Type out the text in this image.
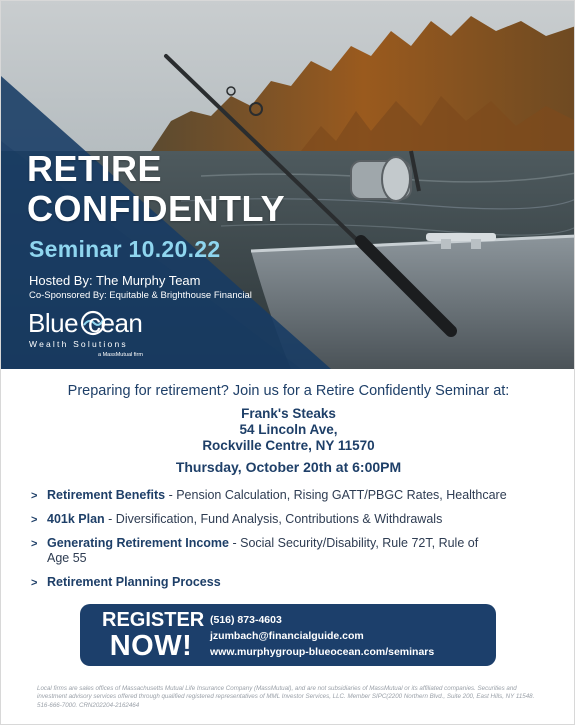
RETIRE
CONFIDENTLY
Seminar 10.20.22
Hosted By: The Murphy Team
Co-Sponsored By: Equitable & Brighthouse Financial
Blue cean
Wealth Solutions
a MassMutual firm
Preparing for retirement? Join us for a Retire Confidently Seminar at:
Frank's Steaks
54 Lincoln Ave,
Rockville Centre, NY 11570
Thursday, October 20th at 6:00PM
> Retirement Benefits - Pension Calculation, Rising GATT/PBGC Rates, Healthcare
> 401k Plan - Diversification, Fund Analysis, Contributions & Withdrawals
> Generating Retirement Income - Social Security/Disability, Rule 72T, Rule of Age 55
> Retirement Planning Process
REGISTER
NOW!
(516) 873-4603
jzumbach@financialguide.com
www.murphygroup-blueocean.com/seminars
Local firms are sales offices of Massachusetts Mutual Life Insurance Company (MassMutual), and are not subsidiaries of MassMutual or its affiliated companies. Securities and investment advisory services offered through qualified registered representatives of MML Investor Services, LLC. Member SIPC(2200 Northern Blvd., Suite 200, East Hills, NY 11548. 516-666-7000. CRN202204-2162464
